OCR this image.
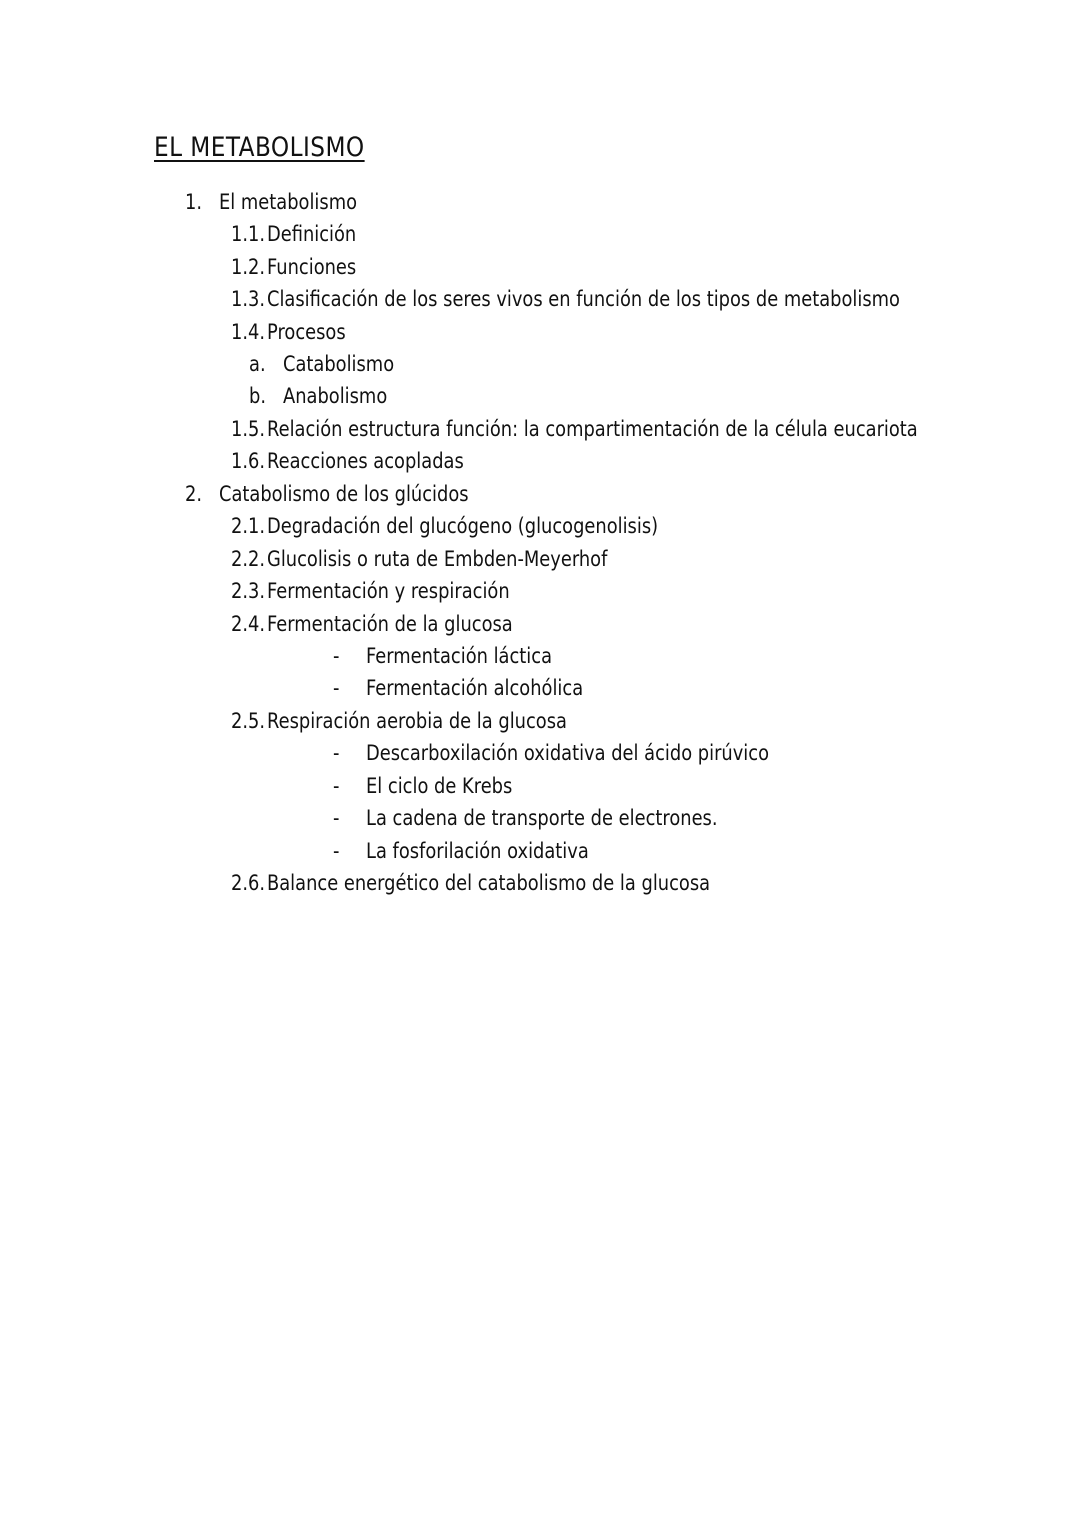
EL METABOLISMO
1. El metabolismo
1.1. Definición
1.2. Funciones
1.3. Clasificación de los seres vivos en función de los tipos de metabolismo
1.4. Procesos
a. Catabolismo
b. Anabolismo
1.5. Relación estructura función: la compartimentación de la célula eucariota
1.6. Reacciones acopladas
2. Catabolismo de los glúcidos
2.1. Degradación del glucógeno (glucogenolisis)
2.2. Glucolisis o ruta de Embden-Meyerhof
2.3. Fermentación y respiración
2.4. Fermentación de la glucosa
- Fermentación láctica
- Fermentación alcohólica
2.5. Respiración aerobia de la glucosa
- Descarboxilación oxidativa del ácido pirúvico
- El ciclo de Krebs
- La cadena de transporte de electrones.
- La fosforilación oxidativa
2.6. Balance energético del catabolismo de la glucosa
